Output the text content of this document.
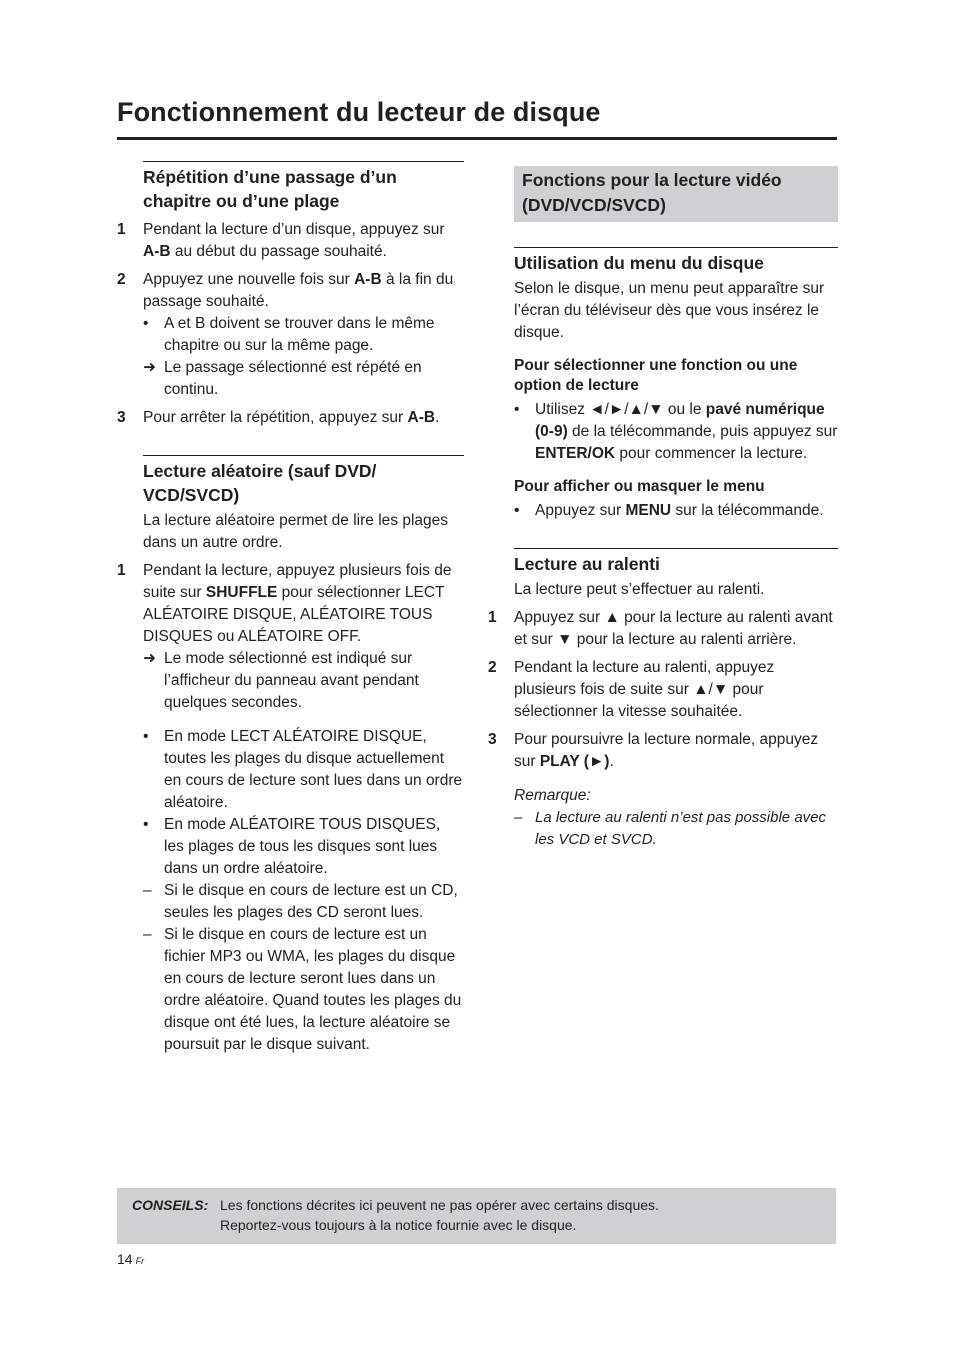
Fonctionnement du lecteur de disque
Répétition d’une passage d’un chapitre ou d’une plage
1 Pendant la lecture d’un disque, appuyez sur A-B au début du passage souhaité.
2 Appuyez une nouvelle fois sur A-B à la fin du passage souhaité.
• A et B doivent se trouver dans le même chapitre ou sur la même page.
➜ Le passage sélectionné est répété en continu.
3 Pour arrêter la répétition, appuyez sur A-B.
Lecture aléatoire (sauf DVD/ VCD/SVCD)
La lecture aléatoire permet de lire les plages dans un autre ordre.
1 Pendant la lecture, appuyez plusieurs fois de suite sur SHUFFLE pour sélectionner LECT ALÉATOIRE DISQUE, ALÉATOIRE TOUS DISQUES ou ALÉATOIRE OFF.
➜ Le mode sélectionné est indiqué sur l’afficheur du panneau avant pendant quelques secondes.
• En mode LECT ALÉATOIRE DISQUE, toutes les plages du disque actuellement en cours de lecture sont lues dans un ordre aléatoire.
• En mode ALÉATOIRE TOUS DISQUES, les plages de tous les disques sont lues dans un ordre aléatoire.
– Si le disque en cours de lecture est un CD, seules les plages des CD seront lues.
– Si le disque en cours de lecture est un fichier MP3 ou WMA, les plages du disque en cours de lecture seront lues dans un ordre aléatoire. Quand toutes les plages du disque ont été lues, la lecture aléatoire se poursuit par le disque suivant.
Fonctions pour la lecture vidéo (DVD/VCD/SVCD)
Utilisation du menu du disque
Selon le disque, un menu peut apparaître sur l’écran du téléviseur dès que vous insérez le disque.
Pour sélectionner une fonction ou une option de lecture
• Utilisez ◄/►/▲/▼ ou le pavé numérique (0-9) de la télécommande, puis appuyez sur ENTER/OK pour commencer la lecture.
Pour afficher ou masquer le menu
• Appuyez sur MENU sur la télécommande.
Lecture au ralenti
La lecture peut s’effectuer au ralenti.
1 Appuyez sur ▲ pour la lecture au ralenti avant et sur ▼ pour la lecture au ralenti arrière.
2 Pendant la lecture au ralenti, appuyez plusieurs fois de suite sur ▲/▼ pour sélectionner la vitesse souhaitée.
3 Pour poursuivre la lecture normale, appuyez sur PLAY (►).
Remarque:
– La lecture au ralenti n’est pas possible avec les VCD et SVCD.
CONSEILS: Les fonctions décrites ici peuvent ne pas opérer avec certains disques.
Reportez-vous toujours à la notice fournie avec le disque.
14 Fr
